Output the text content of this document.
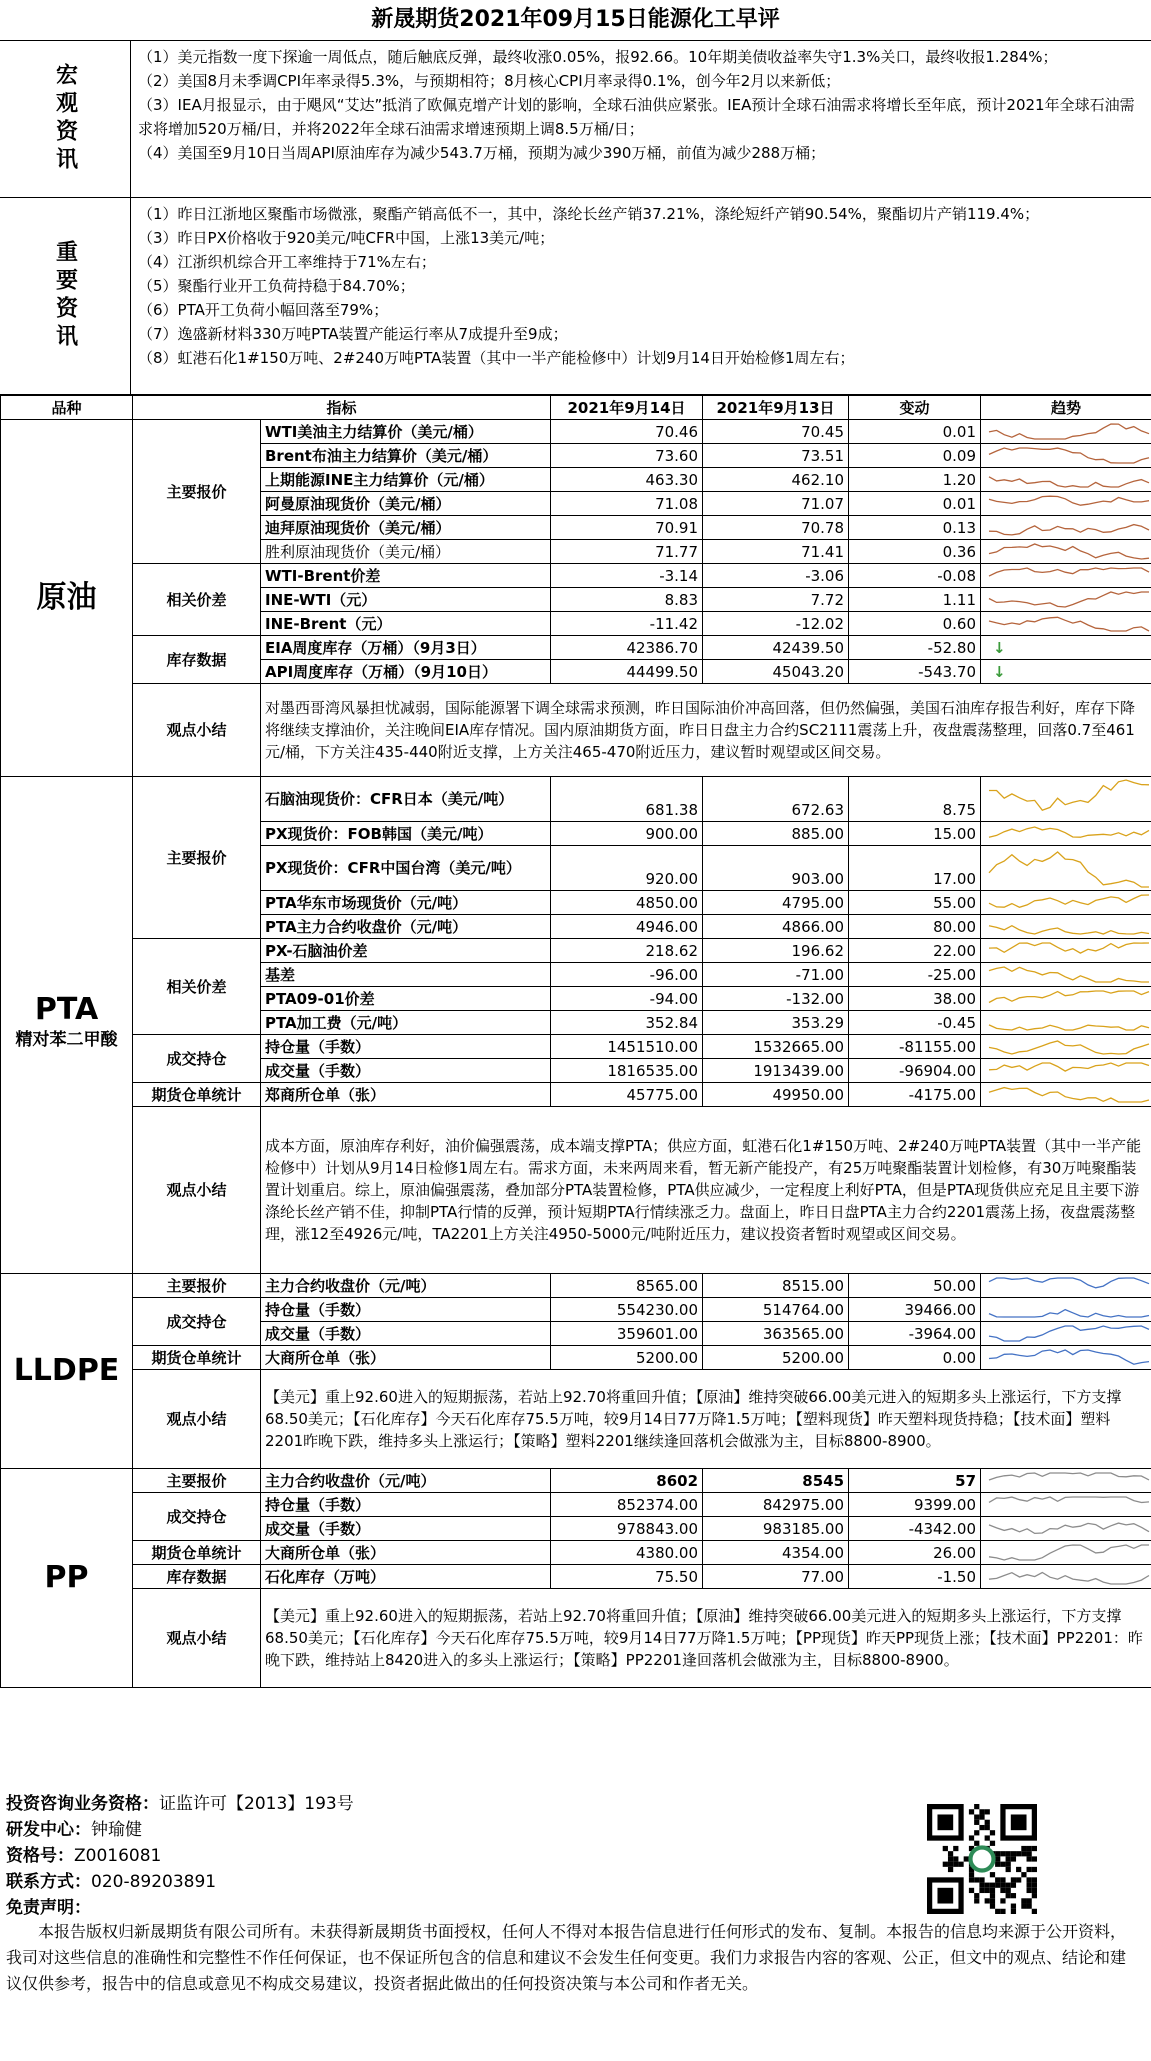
新晟期货2021年09月15日能源化工早评
宏观资讯
（1）美元指数一度下探逾一周低点，随后触底反弹，最终收涨0.05%，报92.66。10年期美债收益率失守1.3%关口，最终收报1.284%；
（2）美国8月未季调CPI年率录得5.3%，与预期相符；8月核心CPI月率录得0.1%，创今年2月以来新低；
（3）IEA月报显示，由于飓风“艾达”抵消了欧佩克增产计划的影响，全球石油供应紧张。IEA预计全球石油需求将增长至年底，预计2021年全球石油需求将增加520万桶/日，并将2022年全球石油需求增速预期上调8.5万桶/日；
（4）美国至9月10日当周API原油库存为减少543.7万桶，预期为减少390万桶，前值为减少288万桶；
重要资讯
（1）昨日江浙地区聚酯市场微涨，聚酯产销高低不一，其中，涤纶长丝产销37.21%，涤纶短纤产销90.54%，聚酯切片产销119.4%；
（3）昨日PX价格收于920美元/吨CFR中国，上涨13美元/吨；
（4）江浙织机综合开工率维持于71%左右；
（5）聚酯行业开工负荷持稳于84.70%；
（6）PTA开工负荷小幅回落至79%；
（7）逸盛新材料330万吨PTA装置产能运行率从7成提升至9成；
（8）虹港石化1#150万吨、2#240万吨PTA装置（其中一半产能检修中）计划9月14日开始检修1周左右；
品种	指标		2021年9月14日	2021年9月13日	变动	趋势

原油	主要报价	WTI美油主力结算价（美元/桶）	70.46	70.45	0.01	

		Brent布油主力结算价（美元/桶）	73.60	73.51	0.09	

		上期能源INE主力结算价（元/桶）	463.30	462.10	1.20	

		阿曼原油现货价（美元/桶）	71.08	71.07	0.01	

		迪拜原油现货价（美元/桶）	70.91	70.78	0.13	

		胜利原油现货价（美元/桶）	71.77	71.41	0.36	

	相关价差	WTI-Brent价差	-3.14	-3.06	-0.08	

		INE-WTI（元）	8.83	7.72	1.11	

		INE-Brent（元）	-11.42	-12.02	0.60	

	库存数据	EIA周度库存（万桶）（9月3日）	42386.70	42439.50	-52.80	↓
		API周度库存（万桶）（9月10日）	44499.50	45043.20	-543.70	↓
	观点小结	对墨西哥湾风暴担忧减弱，国际能源署下调全球需求预测，昨日国际油价冲高回落，但仍然偏强，美国石油库存报告利好，库存下降将继续支撑油价，关注晚间EIA库存情况。国内原油期货方面，昨日日盘主力合约SC2111震荡上升，夜盘震荡整理，回落0.7至461元/桶，下方关注435-440附近支撑，上方关注465-470附近压力，建议暂时观望或区间交易。				

PTA
精对苯二甲酸	主要报价	石脑油现货价：CFR日本（美元/吨）	681.38	672.63	8.75	

		PX现货价：FOB韩国（美元/吨）	900.00	885.00	15.00	

		PX现货价：CFR中国台湾（美元/吨）	920.00	903.00	17.00	

		PTA华东市场现货价（元/吨）	4850.00	4795.00	55.00	

		PTA主力合约收盘价（元/吨）	4946.00	4866.00	80.00	

	相关价差	PX-石脑油价差	218.62	196.62	22.00	

		基差	-96.00	-71.00	-25.00	

		PTA09-01价差	-94.00	-132.00	38.00	

		PTA加工费（元/吨）	352.84	353.29	-0.45	

	成交持仓	持仓量（手数）	1451510.00	1532665.00	-81155.00	

		成交量（手数）	1816535.00	1913439.00	-96904.00	

	期货仓单统计	郑商所仓单（张）	45775.00	49950.00	-4175.00	

	观点小结	成本方面，原油库存利好，油价偏强震荡，成本端支撑PTA；供应方面，虹港石化1#150万吨、2#240万吨PTA装置（其中一半产能检修中）计划从9月14日检修1周左右。需求方面，未来两周来看，暂无新产能投产，有25万吨聚酯装置计划检修，有30万吨聚酯装置计划重启。综上，原油偏强震荡，叠加部分PTA装置检修，PTA供应减少，一定程度上利好PTA，但是PTA现货供应充足且主要下游涤纶长丝产销不佳，抑制PTA行情的反弹，预计短期PTA行情续涨乏力。盘面上，昨日日盘PTA主力合约2201震荡上扬，夜盘震荡整理，涨12至4926元/吨，TA2201上方关注4950-5000元/吨附近压力，建议投资者暂时观望或区间交易。				

LLDPE	主要报价	主力合约收盘价（元/吨）	8565.00	8515.00	50.00	

	成交持仓	持仓量（手数）	554230.00	514764.00	39466.00	

		成交量（手数）	359601.00	363565.00	-3964.00	

	期货仓单统计	大商所仓单（张）	5200.00	5200.00	0.00	

	观点小结	【美元】重上92.60进入的短期振荡，若站上92.70将重回升值；【原油】维持突破66.00美元进入的短期多头上涨运行，下方支撑68.50美元；【石化库存】今天石化库存75.5万吨，较9月14日77万降1.5万吨；【塑料现货】昨天塑料现货持稳；【技术面】塑料2201昨晚下跌，维持多头上涨运行；【策略】塑料2201继续逢回落机会做涨为主，目标8800-8900。				

PP	主要报价	主力合约收盘价（元/吨）	8602	8545	57	

	成交持仓	持仓量（手数）	852374.00	842975.00	9399.00	

		成交量（手数）	978843.00	983185.00	-4342.00	

	期货仓单统计	大商所仓单（张）	4380.00	4354.00	26.00	

	库存数据	石化库存（万吨）	75.50	77.00	-1.50	

	观点小结	【美元】重上92.60进入的短期振荡，若站上92.70将重回升值；【原油】维持突破66.00美元进入的短期多头上涨运行，下方支撑68.50美元；【石化库存】今天石化库存75.5万吨，较9月14日77万降1.5万吨；【PP现货】昨天PP现货上涨；【技术面】PP2201：昨晚下跌，维持站上8420进入的多头上涨运行；【策略】PP2201逢回落机会做涨为主，目标8800-8900。				
投资咨询业务资格：证监许可【2013】193号
研发中心：钟瑜健
资格号：Z0016081
联系方式：020-89203891
免责声明：
本报告版权归新晟期货有限公司所有。未获得新晟期货书面授权，任何人不得对本报告信息进行任何形式的发布、复制。本报告的信息均来源于公开资料，我司对这些信息的准确性和完整性不作任何保证，也不保证所包含的信息和建议不会发生任何变更。我们力求报告内容的客观、公正，但文中的观点、结论和建议仅供参考，报告中的信息或意见不构成交易建议，投资者据此做出的任何投资决策与本公司和作者无关。
